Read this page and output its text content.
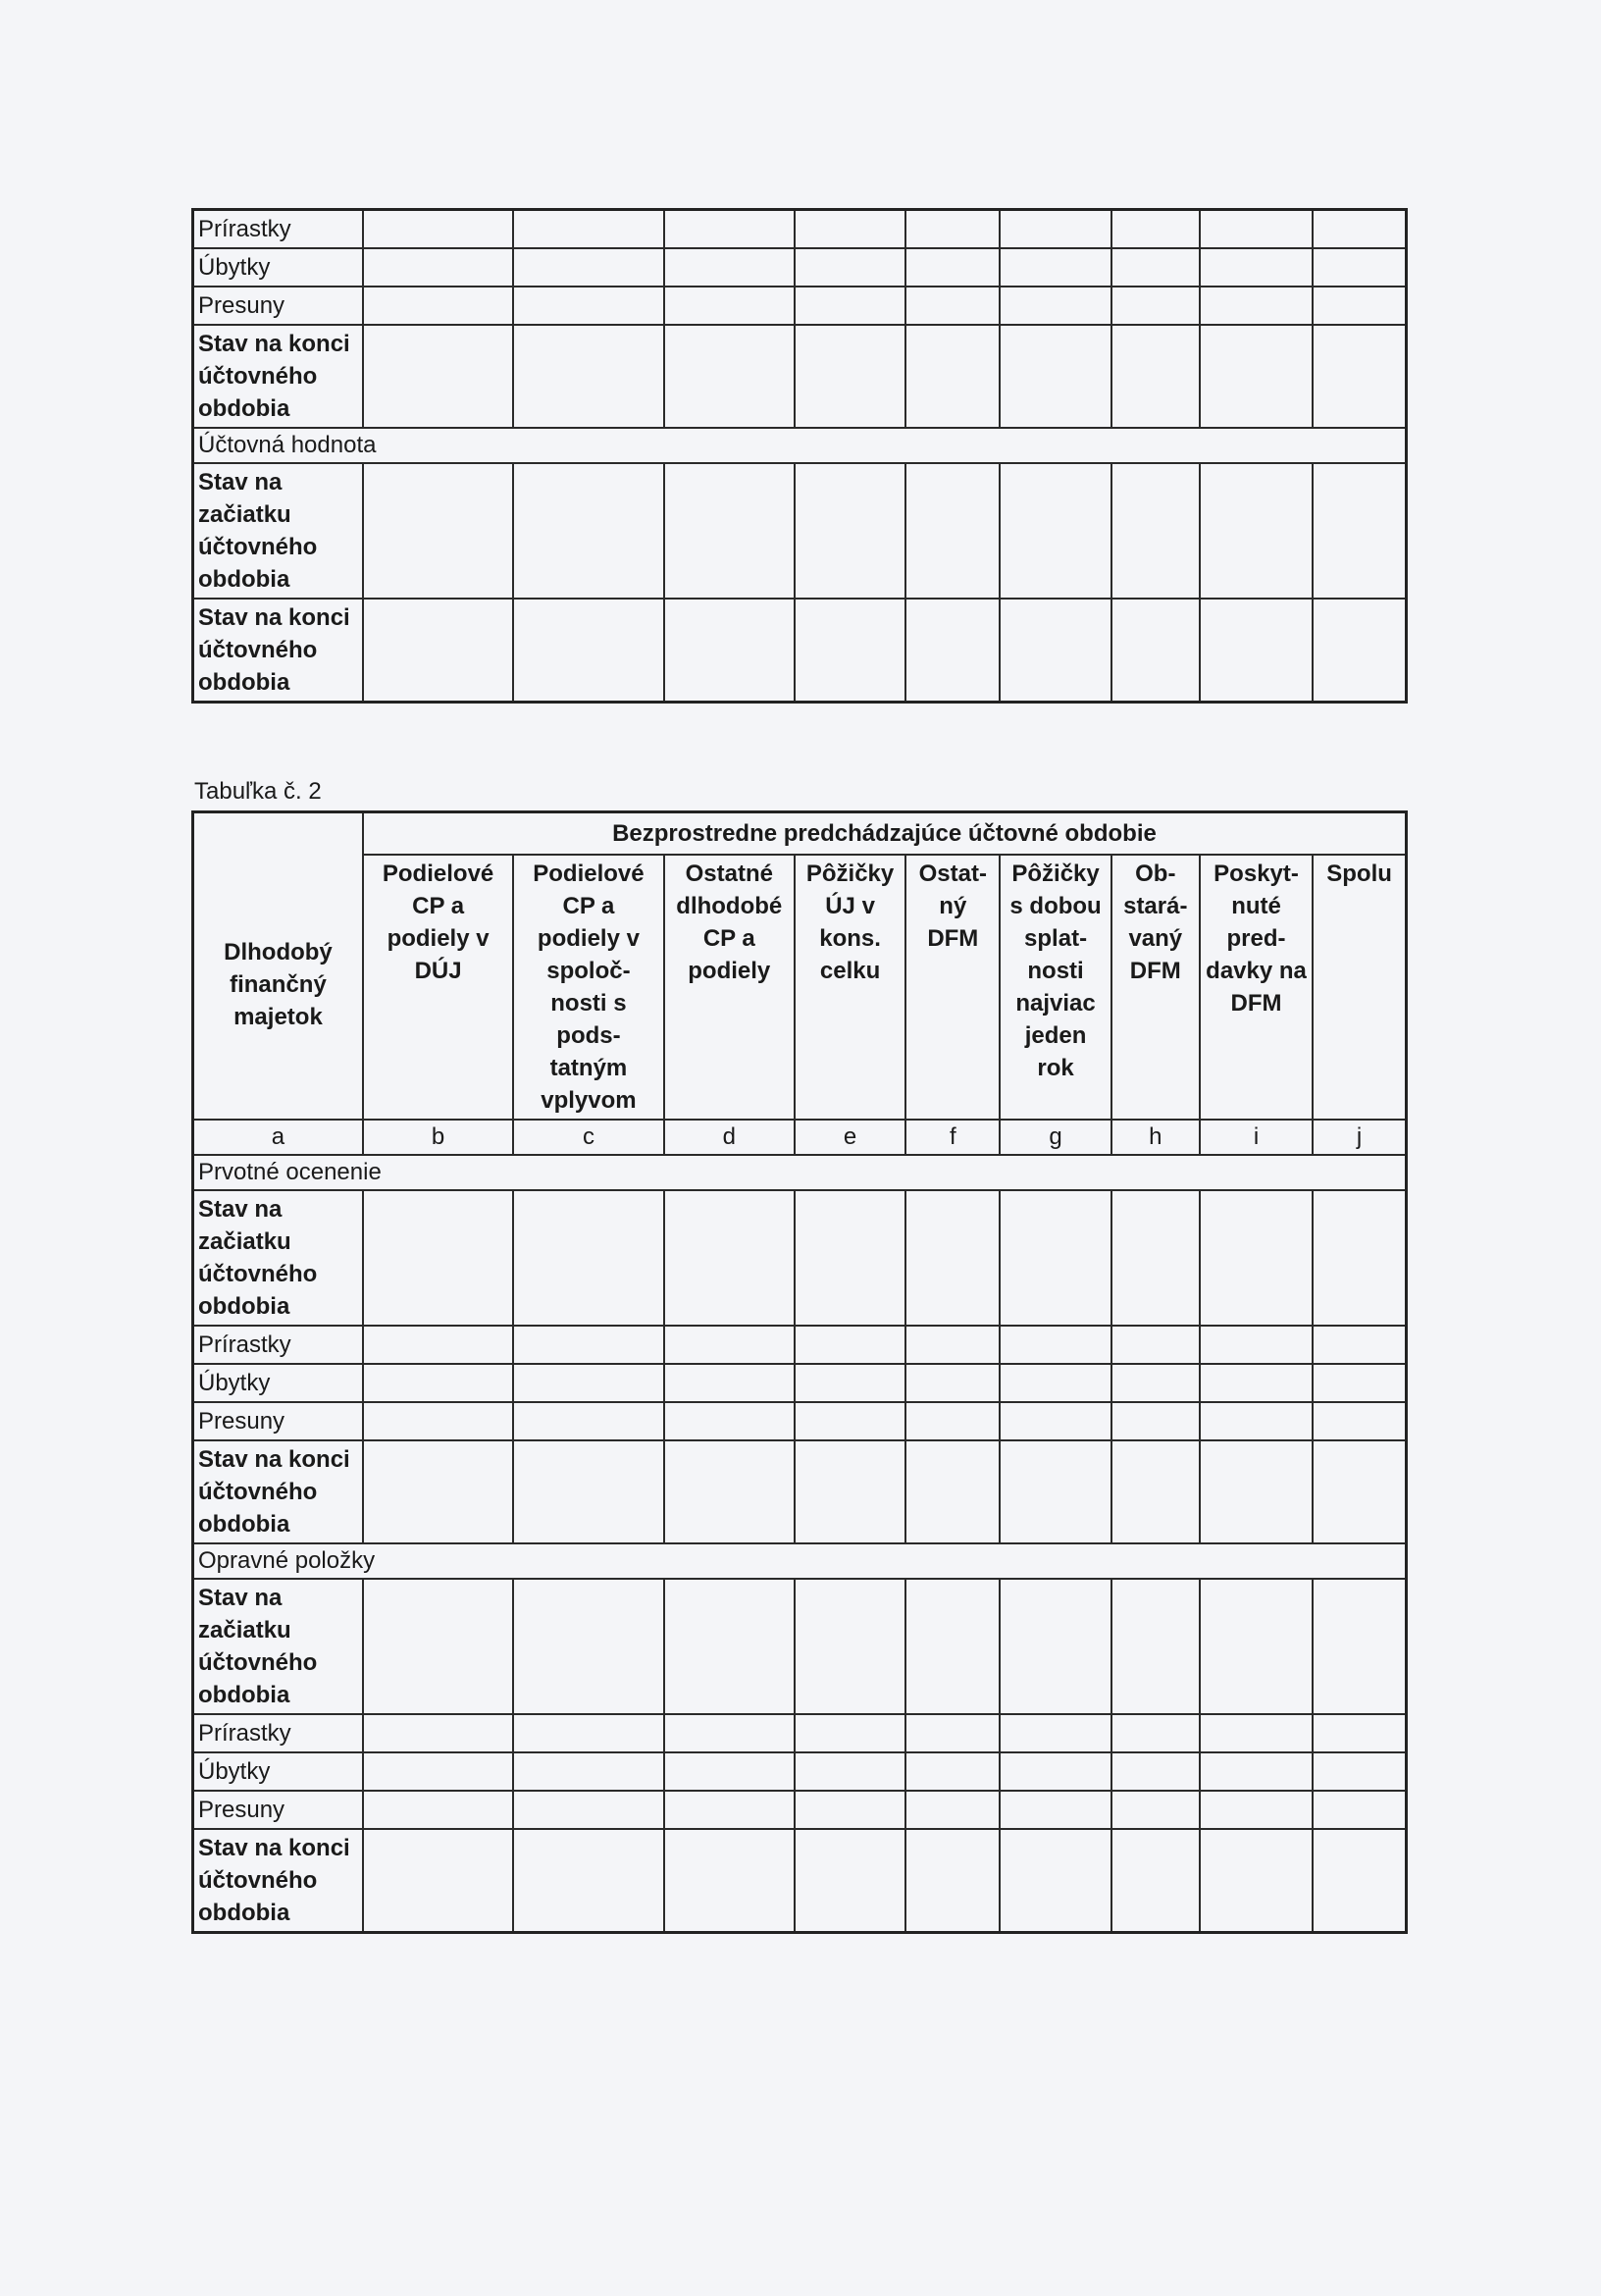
Prírastky									
Úbytky									
Presuny									
Stav na konci účtovného obdobia									
Účtovná hodnota									
Stav na začiatku účtovného obdobia									
Stav na konci účtovného obdobia									
Tabuľka č. 2
Dlhodobý finančný majetok	Bezprostredne predchádzajúce účtovné obdobie								
	Podielové CP a podiely v DÚJ	Podielové CP a podiely v spoloč- nosti s pods- tatným vplyvom	Ostatné dlhodobé CP a podiely	Pôžičky ÚJ v kons. celku	Ostat- ný DFM	Pôžičky s dobou splat- nosti najviac jeden rok	Ob- stará- vaný DFM	Poskyt- nuté pred- davky na DFM	Spolu
a	b	c	d	e	f	g	h	i	j
Prvotné ocenenie									
Stav na začiatku účtovného obdobia									
Prírastky									
Úbytky									
Presuny									
Stav na konci účtovného obdobia									
Opravné položky									
Stav na začiatku účtovného obdobia									
Prírastky									
Úbytky									
Presuny									
Stav na konci účtovného obdobia									
